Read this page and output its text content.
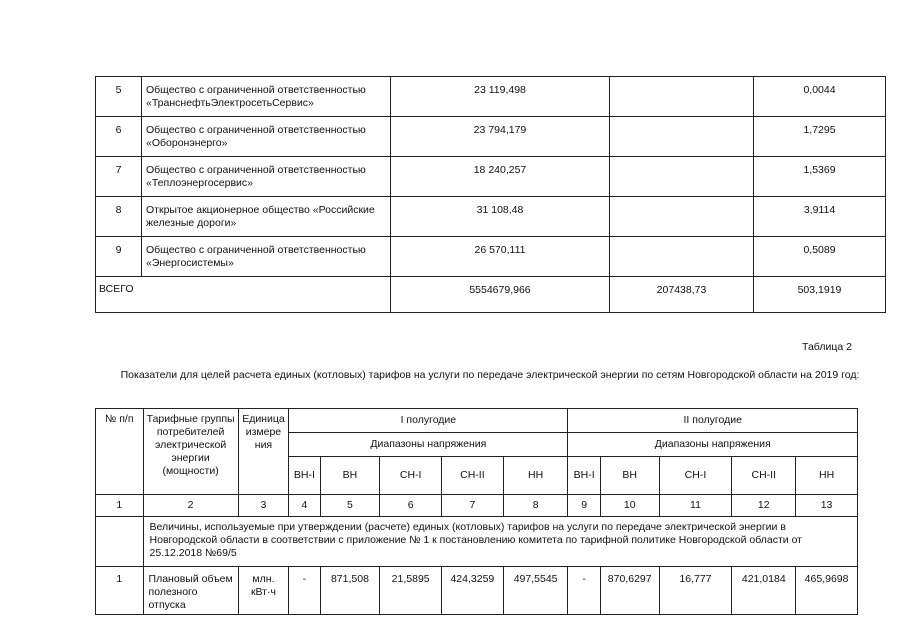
5	Общество с ограниченной ответственностью
«ТранснефтьЭлектросетьСервис»	23 119,498		0,0044
6	Общество с ограниченной ответственностью
«Оборонэнерго»	23 794,179		1,7295
7	Общество с ограниченной ответственностью
«Теплоэнергосервис»	18 240,257		1,5369
8	Открытое акционерное общество «Российские
железные дороги»	31 108,48		3,9114
9	Общество с ограниченной ответственностью
«Энергосистемы»	26 570,111		0,5089
ВСЕГО		5554679,966	207438,73	503,1919
Таблица 2
Показатели для целей расчета единых (котловых) тарифов на услуги по передаче электрической энергии по сетям Новгородской области на 2019 год:
№ п/п	Тарифные группы потребителей электрической энергии (мощности)	Единица измере ния	I полугодие					II полугодие				
			Диапазоны напряжения					Диапазоны напряжения				
			ВН-I	ВН	СН-I	СН-II	НН	ВН-I	ВН	СН-I	СН-II	НН
1	2	3	4	5	6	7	8	9	10	11	12	13
	Величины, используемые при утверждении (расчете) единых (котловых) тарифов на услуги по передаче электрической энергии в Новгородской области в соответствии с приложение № 1 к постановлению комитета по тарифной политике Новгородской области от 25.12.2018 №69/5											
1	Плановый объем полезного отпуска	млн. кВт·ч	-	871,508	21,5895	424,3259	497,5545	-	870,6297	16,777	421,0184	465,9698
